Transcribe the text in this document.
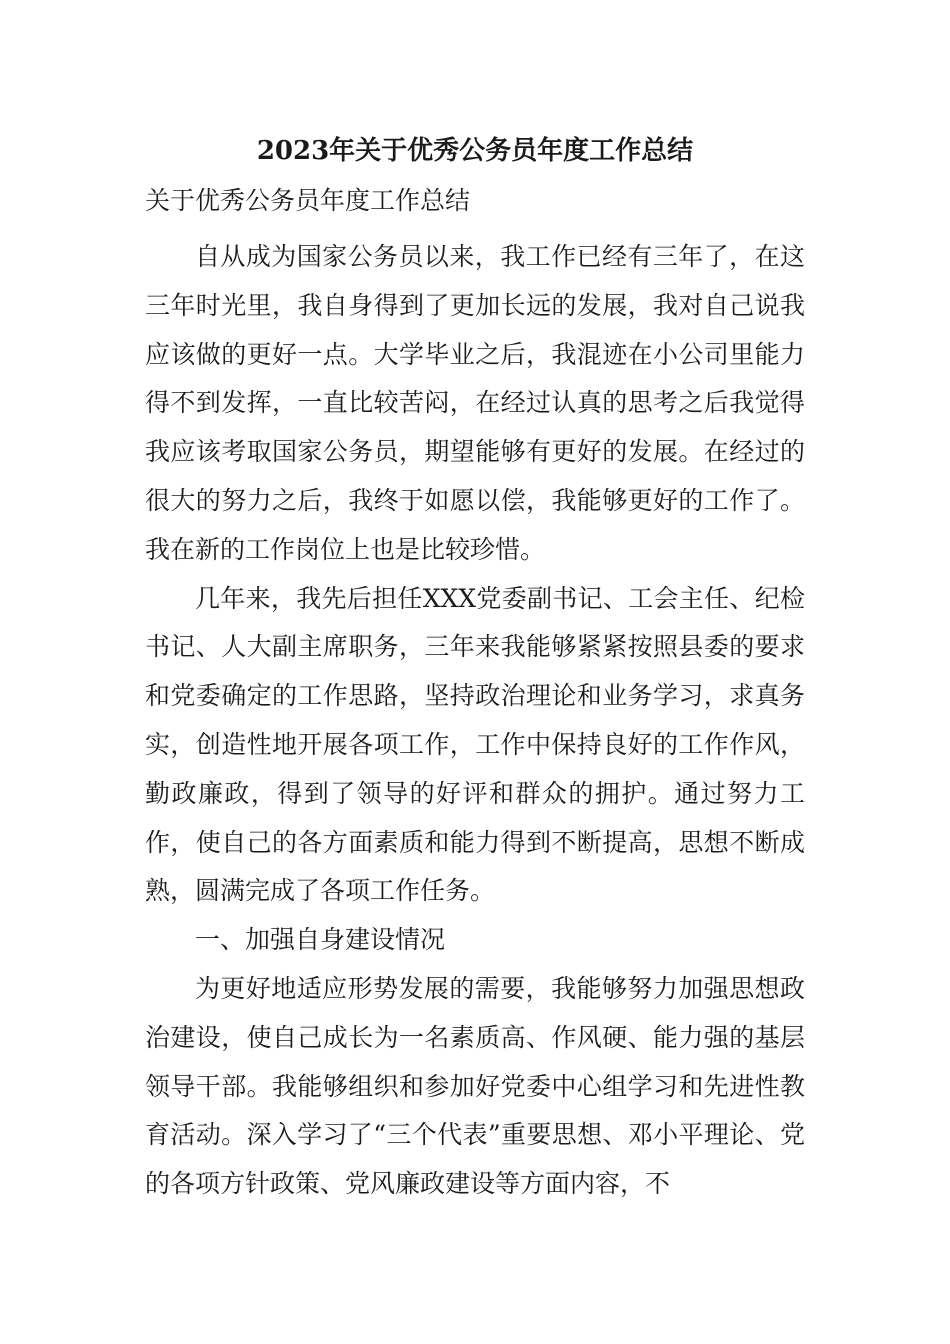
2023年关于优秀公务员年度工作总结
关于优秀公务员年度工作总结

自从成为国家公务员以来，我工作已经有三年了，在这三年时光里，我自身得到了更加长远的发展，我对自己说我应该做的更好一点。大学毕业之后，我混迹在小公司里能力得不到发挥，一直比较苦闷，在经过认真的思考之后我觉得我应该考取国家公务员，期望能够有更好的发展。在经过的很大的努力之后，我终于如愿以偿，我能够更好的工作了。我在新的工作岗位上也是比较珍惜。

几年来，我先后担任XXX党委副书记、工会主任、纪检书记、人大副主席职务，三年来我能够紧紧按照县委的要求和党委确定的工作思路，坚持政治理论和业务学习，求真务实，创造性地开展各项工作，工作中保持良好的工作作风，勤政廉政，得到了领导的好评和群众的拥护。通过努力工作，使自己的各方面素质和能力得到不断提高，思想不断成熟，圆满完成了各项工作任务。

一、加强自身建设情况

为更好地适应形势发展的需要，我能够努力加强思想政治建设，使自己成长为一名素质高、作风硬、能力强的基层领导干部。我能够组织和参加好党委中心组学习和先进性教育活动。深入学习了“三个代表”重要思想、邓小平理论、党的各项方针政策、党风廉政建设等方面内容，不
